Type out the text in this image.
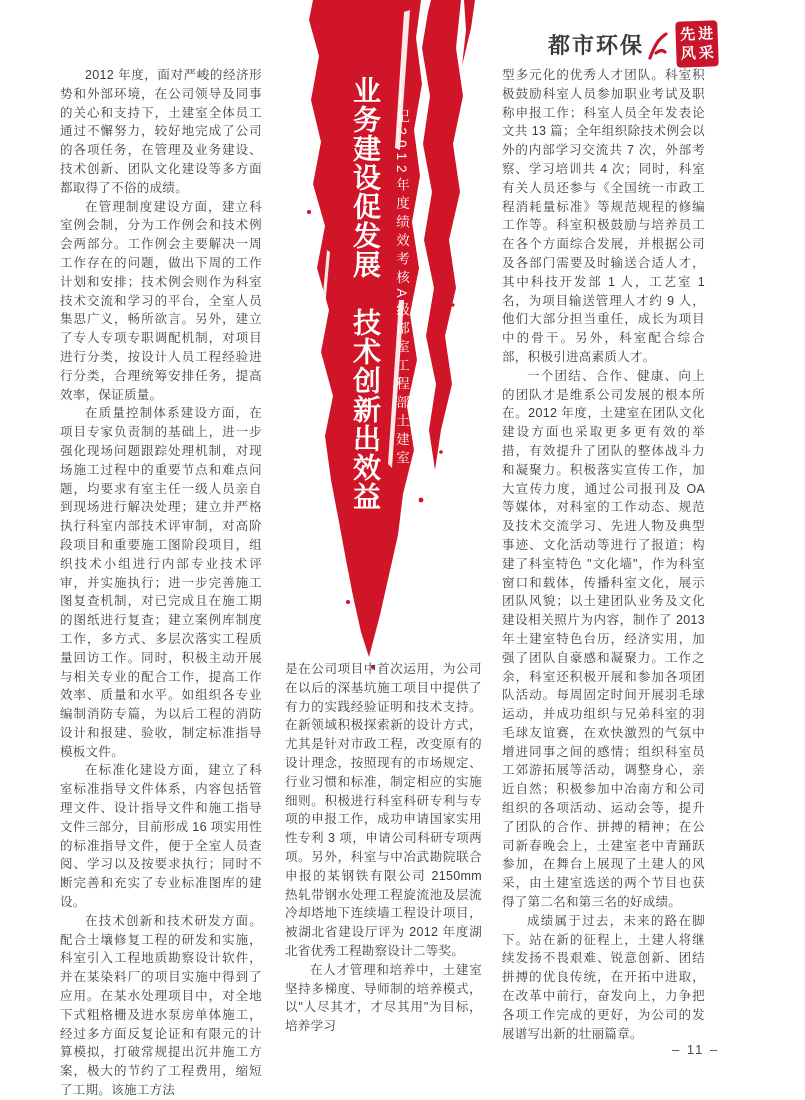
都市环保	先进
风采
——记2012年度绩效考核A级部室工程部土建室
业务建设促发展　技术创新出效益

2012 年度，面对严峻的经济形势和外部环境，在公司领导及同事的关心和支持下，土建室全体员工通过不懈努力，较好地完成了公司的各项任务，在管理及业务建设、技术创新、团队文化建设等多方面都取得了不俗的成绩。

在管理制度建设方面，建立科室例会制，分为工作例会和技术例会两部分。工作例会主要解决一周工作存在的问题，做出下周的工作计划和安排；技术例会则作为科室技术交流和学习的平台，全室人员集思广义，畅所欲言。另外，建立了专人专项专职调配机制，对项目进行分类，按设计人员工程经验进行分类，合理统筹安排任务，提高效率，保证质量。

在质量控制体系建设方面，在项目专家负责制的基础上，进一步强化现场问题跟踪处理机制，对现场施工过程中的重要节点和难点问题，均要求有室主任一级人员亲自到现场进行解决处理；建立并严格执行科室内部技术评审制，对高阶段项目和重要施工图阶段项目，组织技术小组进行内部专业技术评审，并实施执行；进一步完善施工图复查机制，对已完成且在施工期的图纸进行复查；建立案例库制度工作，多方式、多层次落实工程质量回访工作。同时，积极主动开展与相关专业的配合工作，提高工作效率、质量和水平。如组织各专业编制消防专篇，为以后工程的消防设计和报建、验收，制定标准指导模板文件。

在标准化建设方面，建立了科室标准指导文件体系，内容包括管理文件、设计指导文件和施工指导文件三部分，目前形成 16 项实用性的标准指导文件，便于全室人员查阅、学习以及按要求执行；同时不断完善和充实了专业标准图库的建设。

在技术创新和技术研发方面。配合土壤修复工程的研发和实施，科室引入工程地质勘察设计软件，并在某染料厂的项目实施中得到了应用。在某水处理项目中，对全地下式粗格栅及进水泵房单体施工，经过多方面反复论证和有限元的计算模拟，打破常规提出沉井施工方案，极大的节约了工程费用，缩短了工期。该施工方法

是在公司项目中首次运用，为公司在以后的深基坑施工项目中提供了有力的实践经验证明和技术支持。在新领域积极探索新的设计方式，尤其是针对市政工程，改变原有的设计理念，按照现有的市场规定、行业习惯和标准，制定相应的实施细则。积极进行科室科研专利与专项的申报工作，成功申请国家实用性专利 3 项，申请公司科研专项两项。另外，科室与中冶武勘院联合申报的某钢铁有限公司 2150mm 热轧带钢水处理工程旋流池及层流冷却塔地下连续墙工程设计项目，被湖北省建设厅评为 2012 年度湖北省优秀工程勘察设计二等奖。

在人才管理和培养中，土建室坚持多梯度、导师制的培养模式，以"人尽其才，才尽其用"为目标，培养学习

型多元化的优秀人才团队。科室积极鼓励科室人员参加职业考试及职称申报工作；科室人员全年发表论文共 13 篇；全年组织除技术例会以外的内部学习交流共 7 次，外部考察、学习培训共 4 次；同时，科室有关人员还参与《全国统一市政工程消耗量标准》等规范规程的修编工作等。科室积极鼓励与培养员工在各个方面综合发展，并根据公司及各部门需要及时输送合适人才，其中科技开发部 1 人，工艺室 1 名，为项目输送管理人才约 9 人，他们大部分担当重任，成长为项目中的骨干。另外，科室配合综合部，积极引进高素质人才。

一个团结、合作、健康、向上的团队才是维系公司发展的根本所在。2012 年度，土建室在团队文化建设方面也采取更多更有效的举措，有效提升了团队的整体战斗力和凝聚力。积极落实宣传工作，加大宣传力度，通过公司报刊及 OA 等媒体，对科室的工作动态、规范及技术交流学习、先进人物及典型事迹、文化活动等进行了报道；构建了科室特色 "文化墙"，作为科室窗口和载体，传播科室文化，展示团队风貌；以土建团队业务及文化建设相关照片为内容，制作了 2013 年土建室特色台历，经济实用，加强了团队自豪感和凝聚力。工作之余，科室还积极开展和参加各项团队活动。每周固定时间开展羽毛球运动，并成功组织与兄弟科室的羽毛球友谊赛，在欢快激烈的气氛中增进同事之间的感情；组织科室员工郊游拓展等活动，调整身心，亲近自然；积极参加中冶南方和公司组织的各项活动、运动会等，提升了团队的合作、拼搏的精神；在公司新春晚会上，土建室老中青踊跃参加，在舞台上展现了土建人的风采，由土建室选送的两个节目也获得了第二名和第三名的好成绩。

成绩属于过去，未来的路在脚下。站在新的征程上，土建人将继续发扬不畏艰难、锐意创新、团结拼搏的优良传统，在开拓中进取，在改革中前行，奋发向上，力争把各项工作完成的更好，为公司的发展谱写出新的壮丽篇章。

– 11 –
